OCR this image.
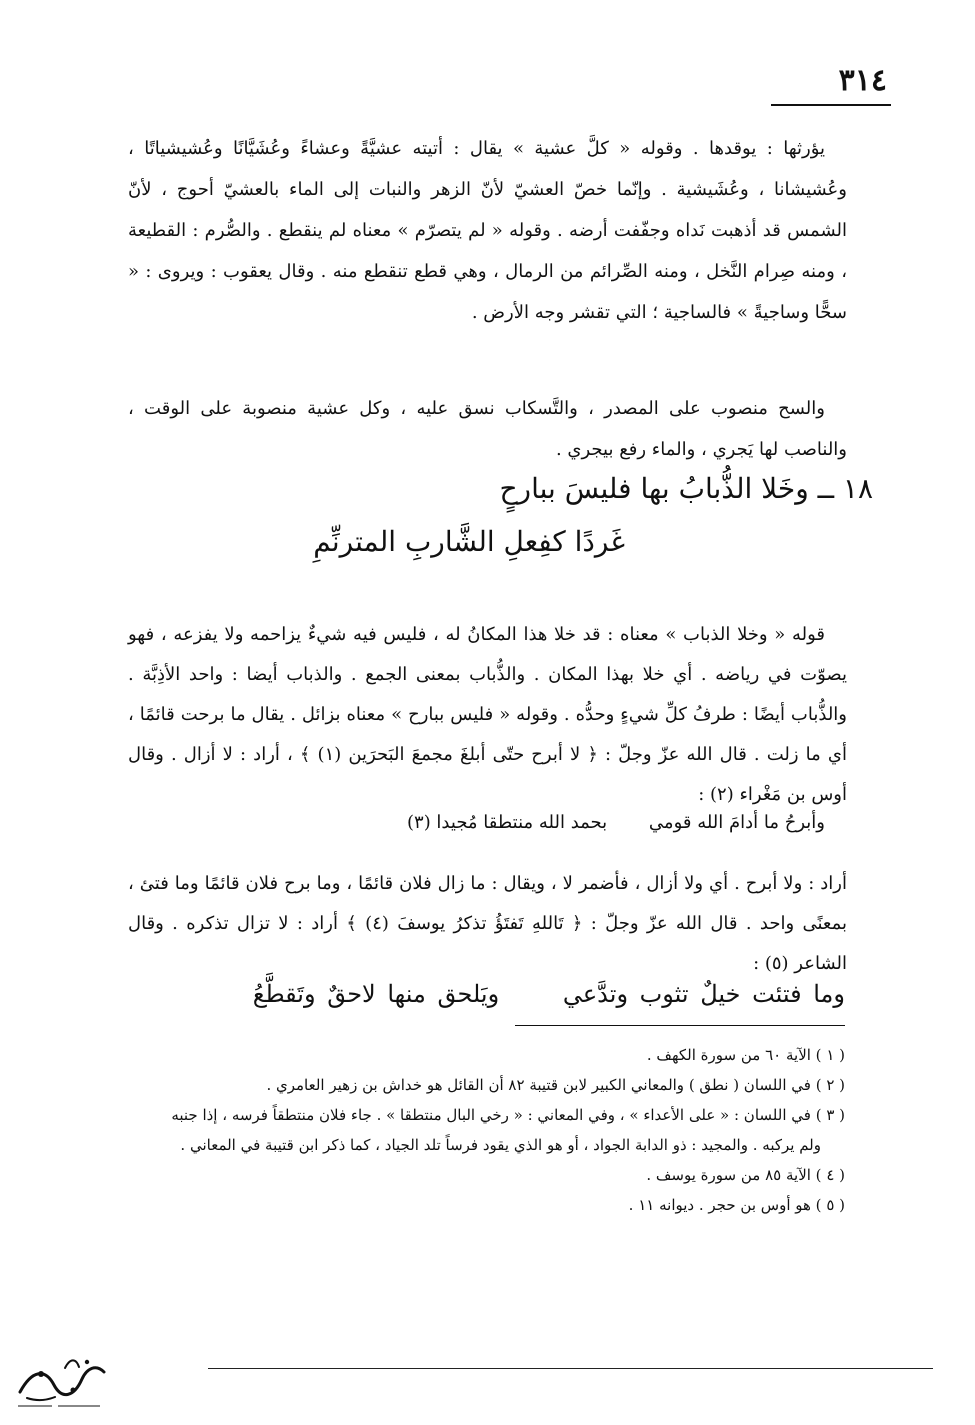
٣١٤

يؤرثها : يوقدها . وقوله « كلَّ عشية » يقال : أتيته عشيَّةً وعشاءً وعُشَيَّانًا وعُشيشياتًا ، وعُشيشانا ، وعُشَيشية . وإنّما خصّ العشيّ لأنّ الزهر والنبات إلى الماء بالعشيّ أحوج ، لأنّ الشمس قد أذهبت نَداه وجفّفت أرضه . وقوله « لم يتصرّم » معناه لم ينقطع . والصُّرم : القطيعة ، ومنه صِرام النَّخل ، ومنه الصِّرائم من الرمال ، وهي قطع تنقطع منه . وقال يعقوب : ويروى : « سحًّا وساجيةً » فالساجية ؛ التي تقشر وجه الأرض .

والسح منصوب على المصدر ، والتَّسكاب نسق عليه ، وكل عشية منصوبة على الوقت ، والناصب لها يَجري ، والماء رفع بيجري .

١٨ ــ وخَلا الذُّبابُ بها فليسَ ببارحٍ
غَردًا كفِعلِ الشَّاربِ المترنِّمِ

قوله « وخلا الذباب » معناه : قد خلا هذا المكانُ له ، فليس فيه شيءٌ يزاحمه ولا يفزعه ، فهو يصوّت في رياضه . أي خلا بهذا المكان . والذُّباب بمعنى الجمع . والذباب أيضا : واحد الأذِبَّة . والذُّباب أيضًا : طرفُ كلِّ شيءٍ وحدُّه . وقوله « فليس ببارح » معناه بزائل . يقال ما برحت قائمًا ، أي ما زلت . قال الله عزّ وجلّ : ﴿ لا أبرح حتّى أبلغَ مجمعَ البَحرَين (١) ﴾ ، أراد : لا أزال . وقال أوس بن مَغْراء (٢) :

وأبرحُ ما أدامَ الله قومي بحمد الله منتطقا مُجيدا (٣)

أراد : ولا أبرح . أي ولا أزال ، فأضمر لا ، ويقال : ما زال فلان قائمًا ، وما برح فلان قائمًا وما فتئ ، بمعنًى واحد . قال الله عزّ وجلّ : ﴿ تَاللهِ تَفتَؤُ تذكرُ يوسفَ (٤) ﴾ أراد : لا تزال تذكره . وقال الشاعر (٥) :

وما فتئت خيلٌ تثوب وتدَّعي ويَلحق منها لاحقٌ وتَقطَّعُ

( ١ ) الآية ٦٠ من سورة الكهف .

( ٢ ) في اللسان ( نطق ) والمعاني الكبير لابن قتيبة ٨٢ أن القائل هو خداش بن زهير العامري .

( ٣ ) في اللسان : « على الأعداء » ، وفي المعاني : « رخي البال منتطقا » . جاء فلان منتطقاً فرسه ، إذا جنبه

ولم يركبه . والمجيد : ذو الدابة الجواد ، أو هو الذي يقود فرساً تلد الجياد ، كما ذكر ابن قتيبة في المعاني .

( ٤ ) الآية ٨٥ من سورة يوسف .

( ٥ ) هو أوس بن حجر . ديوانه ١١ .
